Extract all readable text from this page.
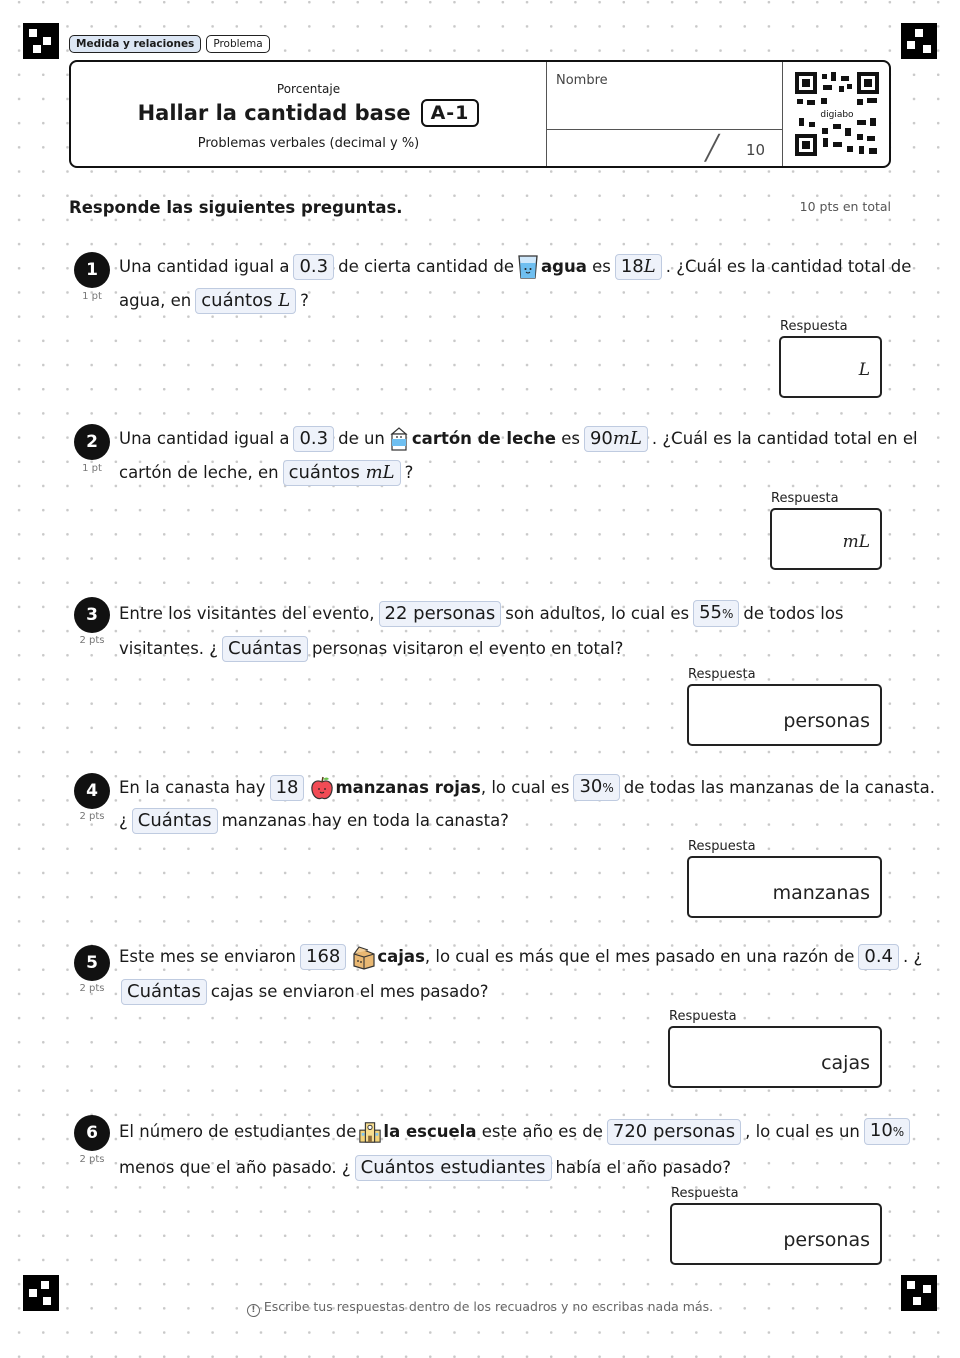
Medida y relaciones	Problema
Porcentaje
Hallar la cantidad base	A-1
Problemas verbales (decimal y %)
Nombre
╱ 10
digiabo
Responde las siguientes preguntas.	10 pts en total
1
1 pt
Una cantidad igual a 0.3 de cierta cantidad de agua
es 18L . ¿Cuál es la cantidad total de
agua, en cuántos L ?
Respuesta
L
2
1 pt
Una cantidad igual a 0.3 de un cartón de leche
es 90mL . ¿Cuál es la cantidad total en el
cartón de leche, en cuántos mL ?
Respuesta
mL
3
2 pts
Entre los visitantes del evento, 22 personas son adultos, lo cual es 55% de todos los
visitantes. ¿ Cuántas personas visitaron el evento en total?
Respuesta
personas
4
2 pts
En la canasta hay 18	manzanas rojas , lo cual es 30% de todas las manzanas de la canasta.
¿ Cuántas manzanas hay en toda la canasta?
Respuesta
manzanas
5
2 pts
Este mes se enviaron 168	cajas , lo cual es más que el mes pasado en una razón de 0.4 . ¿
Cuántas cajas se enviaron el mes pasado?
Respuesta
cajas
6
2 pts
El número de estudiantes de la escuela
este año es de 720 personas , lo cual es un 10%
menos que el año pasado. ¿ Cuántos estudiantes había el año pasado?
Respuesta
personas
! Escribe tus respuestas dentro de los recuadros y no escribas nada más.
